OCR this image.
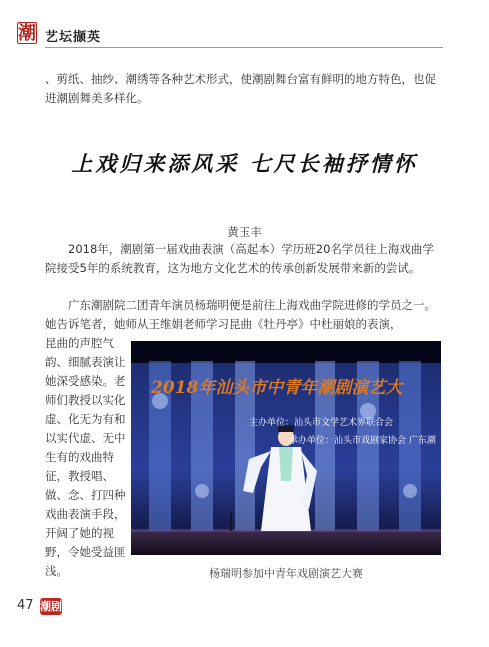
潮 艺坛撷英

、剪纸、抽纱、潮绣等各种艺术形式，使潮剧舞台富有鲜明的地方特色，也促进潮剧舞美多样化。

上戏归来添风采 七尺长袖抒情怀
黄玉丰

2018年，潮剧第一届戏曲表演（高起本）学历班20名学员往上海戏曲学院接受5年的系统教育，这为地方文化艺术的传承创新发展带来新的尝试。

广东潮剧院二团青年演员杨瑞明便是前往上海戏曲学院进修的学员之一。她告诉笔者，她师从王维娟老师学习昆曲《牡丹亭》中杜丽娘的表演，

昆曲的声腔气韵、细腻表演让她深受感染。老师们教授以实化虚、化无为有和以实代虚、无中生有的戏曲特征，教授唱、做、念、打四种戏曲表演手段，开阔了她的视野，令她受益匪浅。

2018年汕头市中青年潮剧演艺大
主办单位：汕头市文学艺术界联合会
承办单位：汕头市戏剧家协会 广东潮
杨瑞明参加中青年戏剧演艺大赛
47 潮剧
